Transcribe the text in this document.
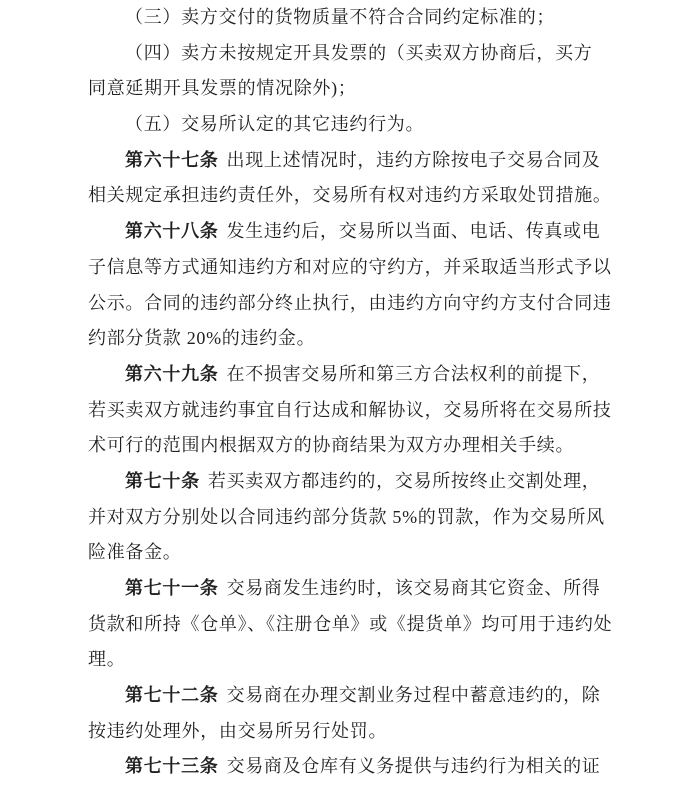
（三）卖方交付的货物质量不符合合同约定标准的；
（四）卖方未按规定开具发票的（买卖双方协商后，买方
同意延期开具发票的情况除外)；
（五）交易所认定的其它违约行为。
第六十七条 出现上述情况时，违约方除按电子交易合同及
相关规定承担违约责任外，交易所有权对违约方采取处罚措施。
第六十八条 发生违约后，交易所以当面、电话、传真或电
子信息等方式通知违约方和对应的守约方，并采取适当形式予以
公示。合同的违约部分终止执行，由违约方向守约方支付合同违
约部分货款 20%的违约金。
第六十九条 在不损害交易所和第三方合法权利的前提下，
若买卖双方就违约事宜自行达成和解协议，交易所将在交易所技
术可行的范围内根据双方的协商结果为双方办理相关手续。
第七十条 若买卖双方都违约的，交易所按终止交割处理，
并对双方分别处以合同违约部分货款 5%的罚款，作为交易所风
险准备金。
第七十一条 交易商发生违约时，该交易商其它资金、所得
货款和所持《仓单》、《注册仓单》或《提货单》均可用于违约处
理。
第七十二条 交易商在办理交割业务过程中蓄意违约的，除
按违约处理外，由交易所另行处罚。
第七十三条 交易商及仓库有义务提供与违约行为相关的证
